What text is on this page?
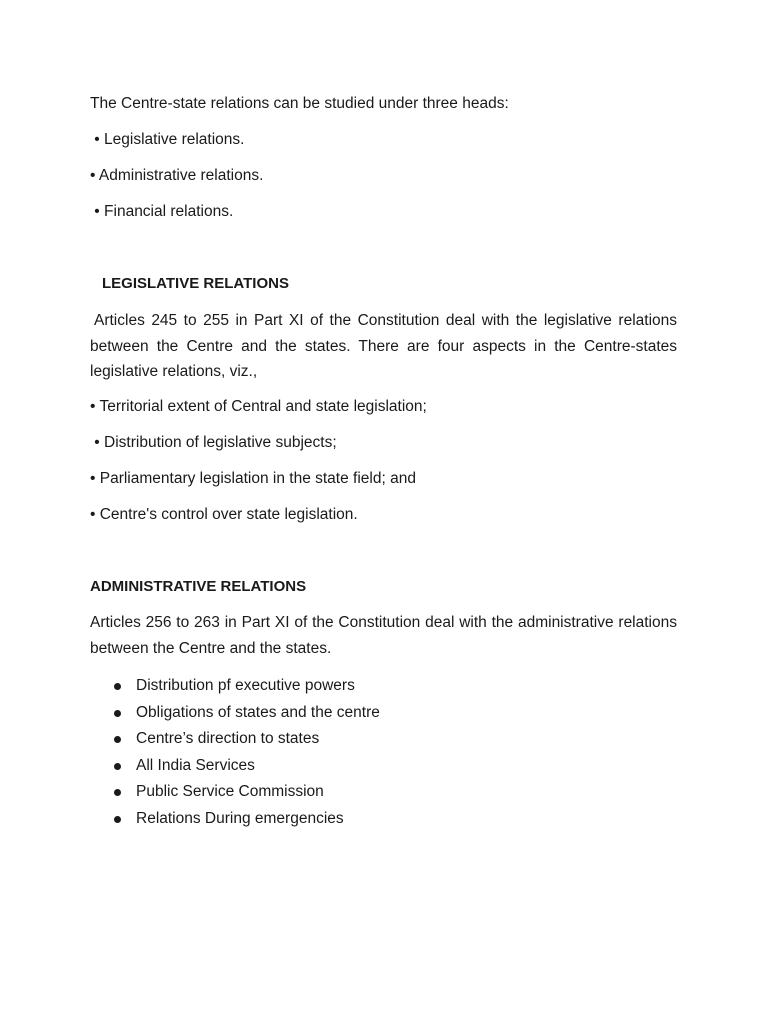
The Centre-state relations can be studied under three heads:
• Legislative relations.
• Administrative relations.
• Financial relations.
LEGISLATIVE RELATIONS
Articles 245 to 255 in Part XI of the Constitution deal with the legislative relations between the Centre and the states. There are four aspects in the Centre-states legislative relations, viz.,
• Territorial extent of Central and state legislation;
• Distribution of legislative subjects;
• Parliamentary legislation in the state field; and
• Centre's control over state legislation.
ADMINISTRATIVE RELATIONS
Articles 256 to 263 in Part XI of the Constitution deal with the administrative relations between the Centre and the states.
Distribution pf executive powers
Obligations of states and the centre
Centre’s direction to states
All India Services
Public Service Commission
Relations During emergencies
